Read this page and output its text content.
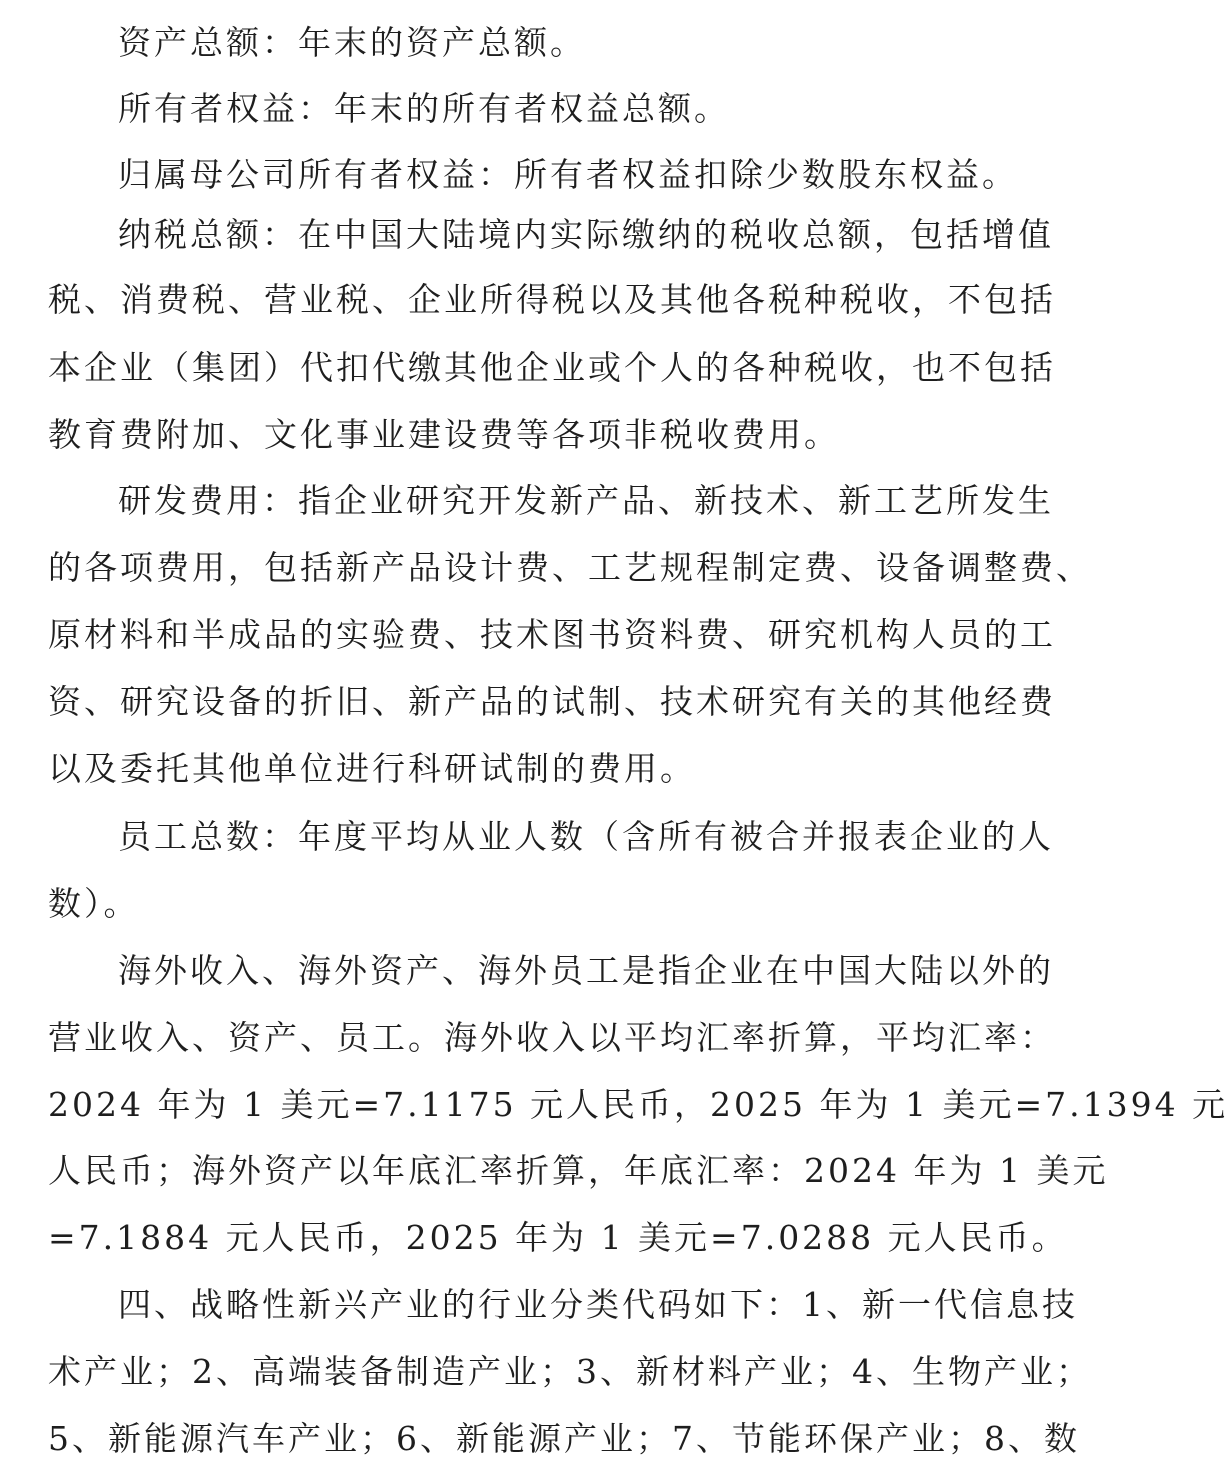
资产总额：年末的资产总额。
所有者权益：年末的所有者权益总额。
归属母公司所有者权益：所有者权益扣除少数股东权益。
纳税总额：在中国大陆境内实际缴纳的税收总额，包括增值
税、消费税、营业税、企业所得税以及其他各税种税收，不包括
本企业（集团）代扣代缴其他企业或个人的各种税收，也不包括
教育费附加、文化事业建设费等各项非税收费用。
研发费用：指企业研究开发新产品、新技术、新工艺所发生
的各项费用，包括新产品设计费、工艺规程制定费、设备调整费、
原材料和半成品的实验费、技术图书资料费、研究机构人员的工
资、研究设备的折旧、新产品的试制、技术研究有关的其他经费
以及委托其他单位进行科研试制的费用。
员工总数：年度平均从业人数（含所有被合并报表企业的人
数）。
海外收入、海外资产、海外员工是指企业在中国大陆以外的
营业收入、资产、员工。海外收入以平均汇率折算，平均汇率：
2024 年为 1 美元=7.1175 元人民币，2025 年为 1 美元=7.1394 元
人民币；海外资产以年底汇率折算，年底汇率：2024 年为 1 美元
=7.1884 元人民币，2025 年为 1 美元=7.0288 元人民币。
四、战略性新兴产业的行业分类代码如下：1、新一代信息技
术产业；2、高端装备制造产业；3、新材料产业；4、生物产业；
5、新能源汽车产业；6、新能源产业；7、节能环保产业；8、数
